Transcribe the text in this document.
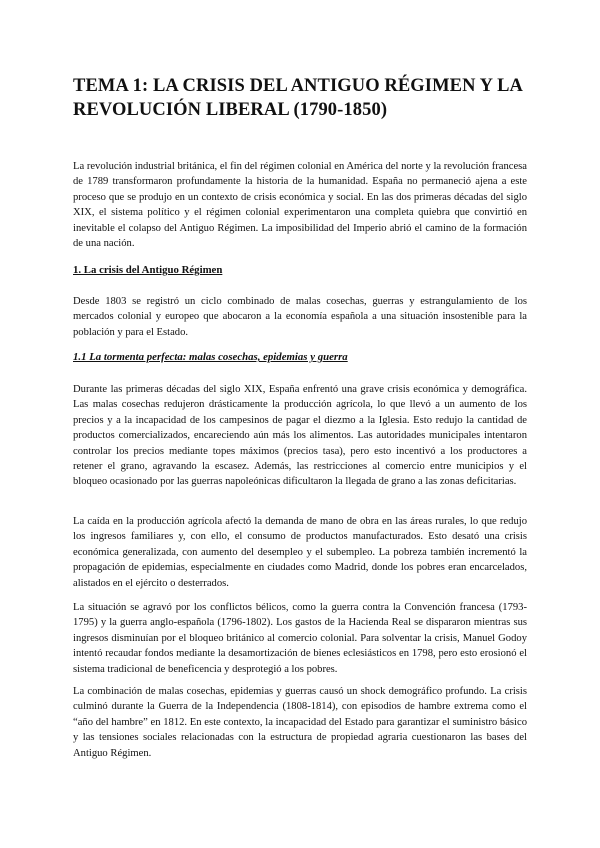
TEMA 1: LA CRISIS DEL ANTIGUO RÉGIMEN Y LA REVOLUCIÓN LIBERAL (1790-1850)

La revolución industrial británica, el fin del régimen colonial en América del norte y la revolución francesa de 1789 transformaron profundamente la historia de la humanidad. España no permaneció ajena a este proceso que se produjo en un contexto de crisis económica y social. En las dos primeras décadas del siglo XIX, el sistema político y el régimen colonial experimentaron una completa quiebra que convirtió en inevitable el colapso del Antiguo Régimen. La imposibilidad del Imperio abrió el camino de la formación de una nación.

1. La crisis del Antiguo Régimen

Desde 1803 se registró un ciclo combinado de malas cosechas, guerras y estrangulamiento de los mercados colonial y europeo que abocaron a la economía española a una situación insostenible para la población y para el Estado.

1.1 La tormenta perfecta: malas cosechas, epidemias y guerra

Durante las primeras décadas del siglo XIX, España enfrentó una grave crisis económica y demográfica. Las malas cosechas redujeron drásticamente la producción agrícola, lo que llevó a un aumento de los precios y a la incapacidad de los campesinos de pagar el diezmo a la Iglesia. Esto redujo la cantidad de productos comercializados, encareciendo aún más los alimentos. Las autoridades municipales intentaron controlar los precios mediante topes máximos (precios tasa), pero esto incentivó a los productores a retener el grano, agravando la escasez. Además, las restricciones al comercio entre municipios y el bloqueo ocasionado por las guerras napoleónicas dificultaron la llegada de grano a las zonas deficitarias.

La caída en la producción agrícola afectó la demanda de mano de obra en las áreas rurales, lo que redujo los ingresos familiares y, con ello, el consumo de productos manufacturados. Esto desató una crisis económica generalizada, con aumento del desempleo y el subempleo. La pobreza también incrementó la propagación de epidemias, especialmente en ciudades como Madrid, donde los pobres eran encarcelados, alistados en el ejército o desterrados.

La situación se agravó por los conflictos bélicos, como la guerra contra la Convención francesa (1793-1795) y la guerra anglo-española (1796-1802). Los gastos de la Hacienda Real se dispararon mientras sus ingresos disminuían por el bloqueo británico al comercio colonial. Para solventar la crisis, Manuel Godoy intentó recaudar fondos mediante la desamortización de bienes eclesiásticos en 1798, pero esto erosionó el sistema tradicional de beneficencia y desprotegió a los pobres.

La combinación de malas cosechas, epidemias y guerras causó un shock demográfico profundo. La crisis culminó durante la Guerra de la Independencia (1808-1814), con episodios de hambre extrema como el “año del hambre” en 1812. En este contexto, la incapacidad del Estado para garantizar el suministro básico y las tensiones sociales relacionadas con la estructura de propiedad agraria cuestionaron las bases del Antiguo Régimen.
